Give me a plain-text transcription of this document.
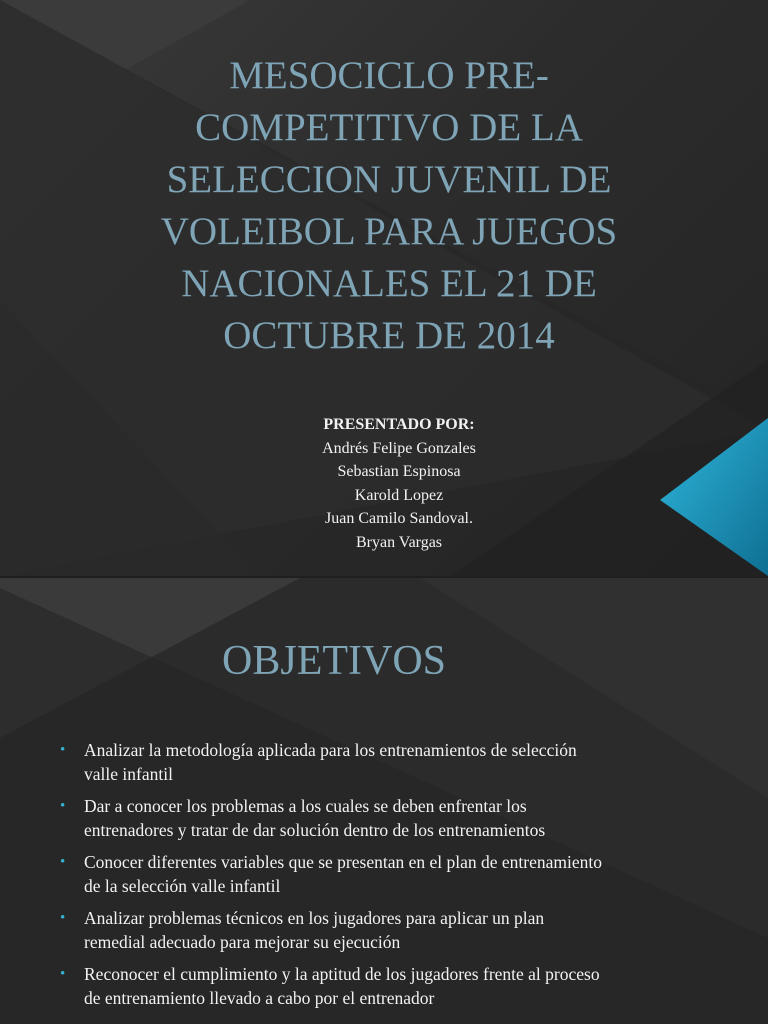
MESOCICLO PRE-
COMPETITIVO DE LA
SELECCION JUVENIL DE
VOLEIBOL PARA JUEGOS
NACIONALES EL 21 DE
OCTUBRE DE 2014
PRESENTADO POR:
Andrés Felipe Gonzales
Sebastian Espinosa
Karold Lopez
Juan Camilo Sandoval.
Bryan Vargas
OBJETIVOS
• Analizar la metodología aplicada para los entrenamientos de selección
valle infantil
• Dar a conocer los problemas a los cuales se deben enfrentar los
entrenadores y tratar de dar solución dentro de los entrenamientos
• Conocer diferentes variables que se presentan en el plan de entrenamiento
de la selección valle infantil
• Analizar problemas técnicos en los jugadores para aplicar un plan
remedial adecuado para mejorar su ejecución
• Reconocer el cumplimiento y la aptitud de los jugadores frente al proceso
de entrenamiento llevado a cabo por el entrenador
